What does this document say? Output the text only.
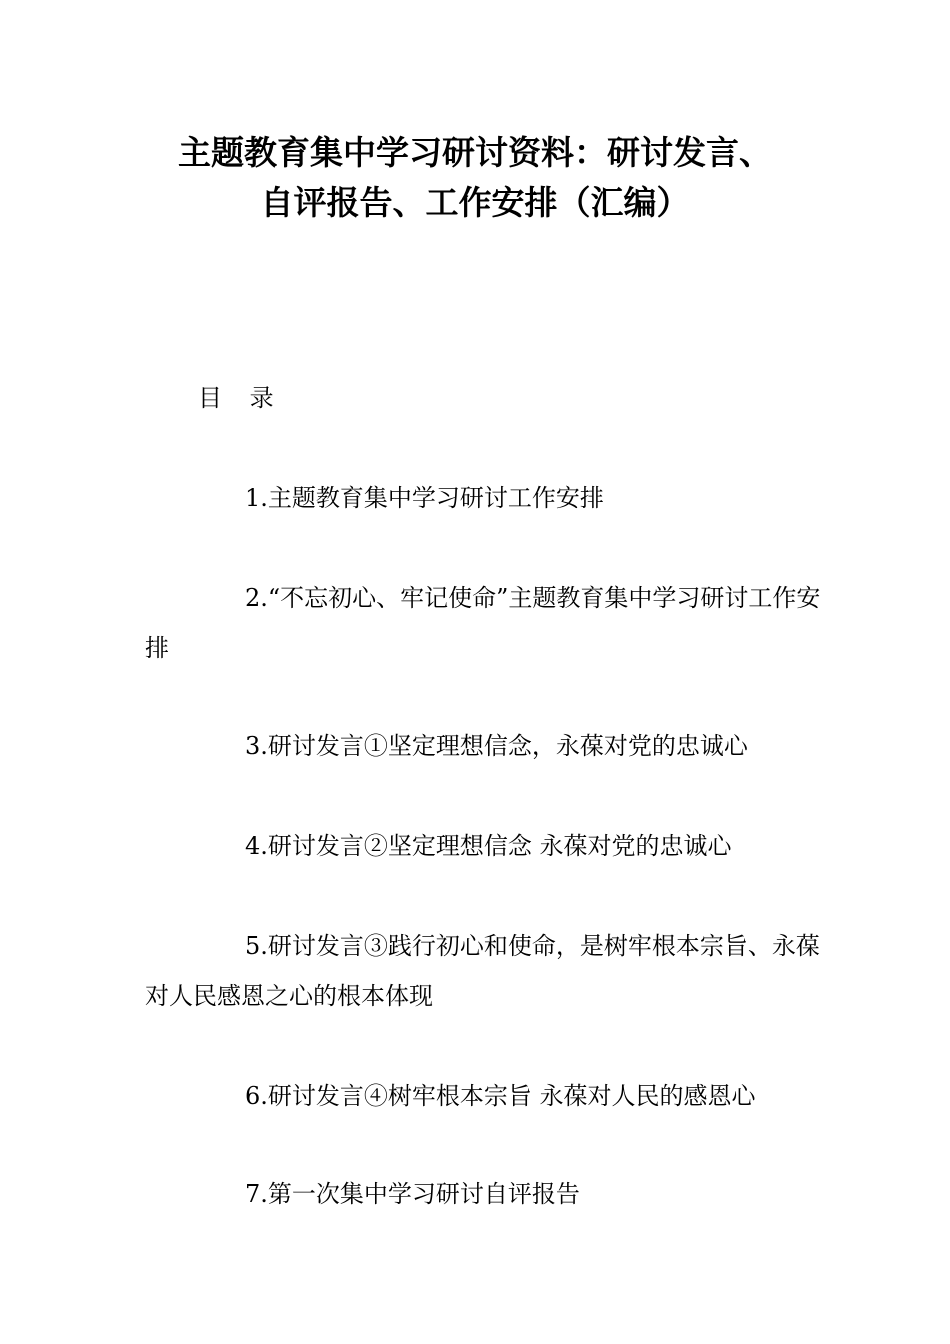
主题教育集中学习研讨资料：研讨发言、
自评报告、工作安排（汇编）
目 录
1.主题教育集中学习研讨工作安排
2.“不忘初心、牢记使命”主题教育集中学习研讨工作安排
3.研讨发言①坚定理想信念，永葆对党的忠诚心
4.研讨发言②坚定理想信念 永葆对党的忠诚心
5.研讨发言③践行初心和使命，是树牢根本宗旨、永葆对人民感恩之心的根本体现
6.研讨发言④树牢根本宗旨 永葆对人民的感恩心
7.第一次集中学习研讨自评报告
